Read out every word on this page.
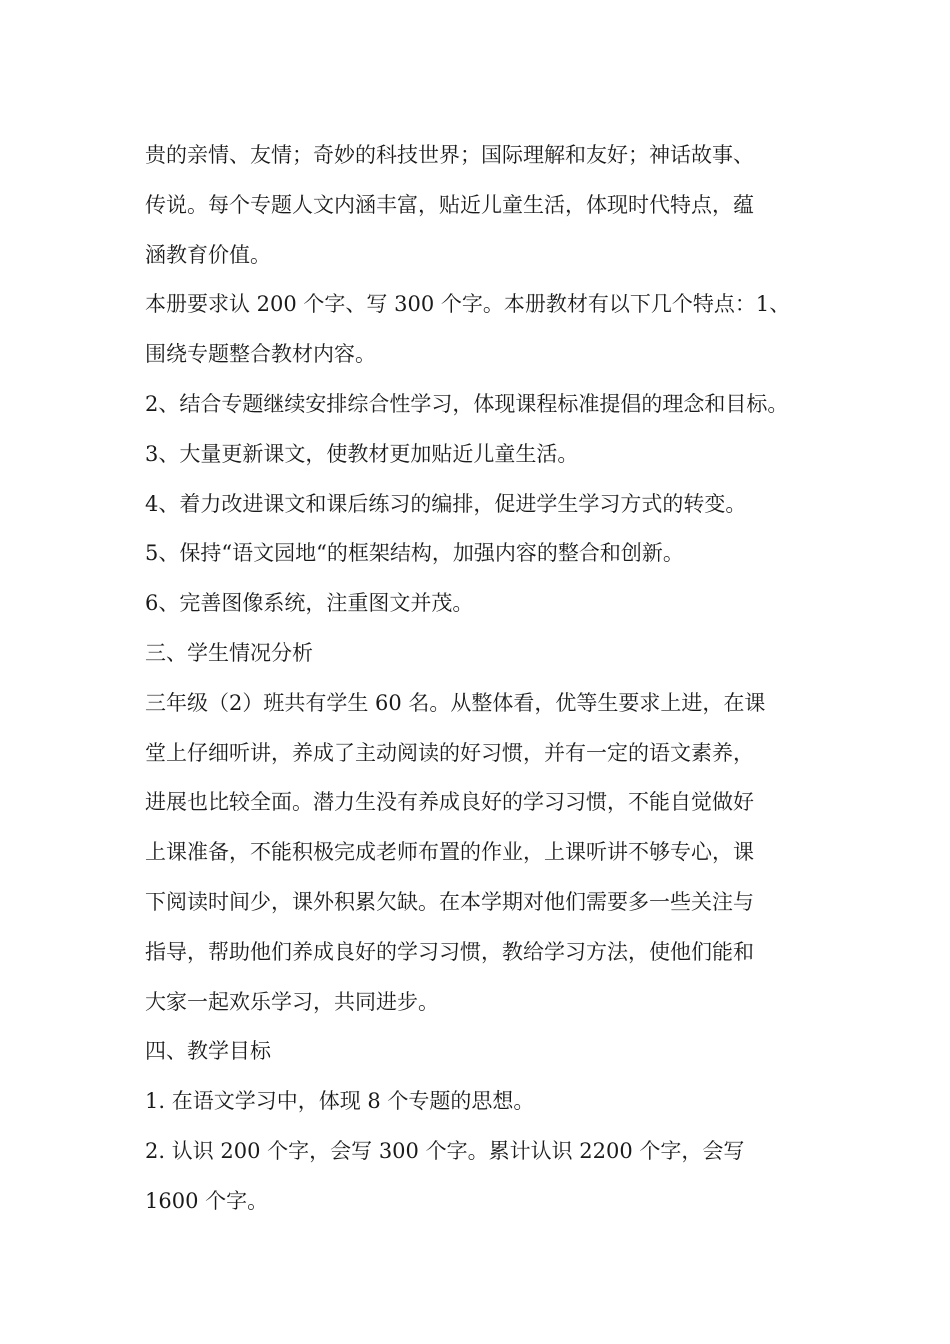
贵的亲情、友情；奇妙的科技世界；国际理解和友好；神话故事、
传说。每个专题人文内涵丰富，贴近儿童生活，体现时代特点，蕴
涵教育价值。
本册要求认 200 个字、写 300 个字。本册教材有以下几个特点：1、
围绕专题整合教材内容。
2、结合专题继续安排综合性学习，体现课程标准提倡的理念和目标。
3、大量更新课文，使教材更加贴近儿童生活。
4、着力改进课文和课后练习的编排，促进学生学习方式的转变。
5、保持“语文园地“的框架结构，加强内容的整合和创新。
6、完善图像系统，注重图文并茂。
三、学生情况分析
三年级（2）班共有学生 60 名。从整体看，优等生要求上进，在课
堂上仔细听讲，养成了主动阅读的好习惯，并有一定的语文素养，
进展也比较全面。潜力生没有养成良好的学习习惯，不能自觉做好
上课准备，不能积极完成老师布置的作业，上课听讲不够专心，课
下阅读时间少，课外积累欠缺。在本学期对他们需要多一些关注与
指导，帮助他们养成良好的学习习惯，教给学习方法，使他们能和
大家一起欢乐学习，共同进步。
四、教学目标
1. 在语文学习中，体现 8 个专题的思想。
2. 认识 200 个字，会写 300 个字。累计认识 2200 个字，会写
1600 个字。
